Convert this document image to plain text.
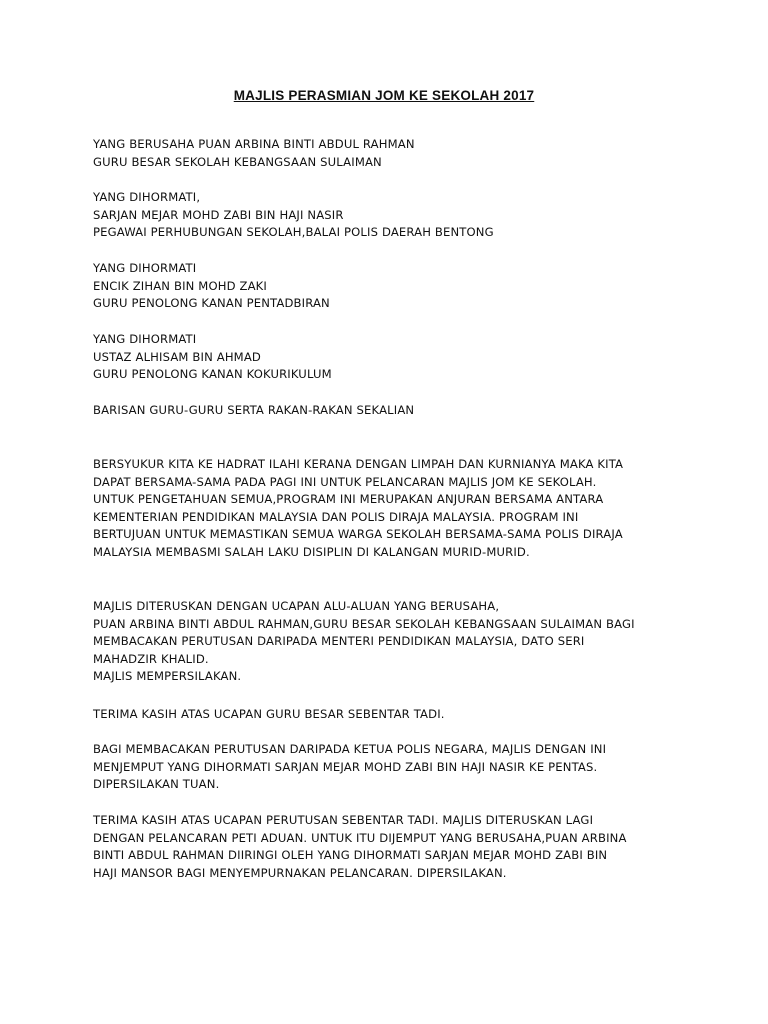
MAJLIS PERASMIAN JOM KE SEKOLAH 2017
YANG BERUSAHA PUAN ARBINA BINTI ABDUL RAHMAN
GURU BESAR SEKOLAH KEBANGSAAN SULAIMAN
YANG DIHORMATI,
SARJAN MEJAR MOHD ZABI BIN HAJI NASIR
PEGAWAI PERHUBUNGAN SEKOLAH,BALAI POLIS DAERAH BENTONG
YANG DIHORMATI
ENCIK ZIHAN BIN MOHD ZAKI
GURU PENOLONG KANAN PENTADBIRAN
YANG DIHORMATI
USTAZ ALHISAM BIN AHMAD
GURU PENOLONG KANAN KOKURIKULUM
BARISAN GURU-GURU SERTA RAKAN-RAKAN SEKALIAN
BERSYUKUR KITA KE HADRAT ILAHI KERANA DENGAN LIMPAH DAN KURNIANYA MAKA KITA
DAPAT BERSAMA-SAMA PADA PAGI INI UNTUK PELANCARAN MAJLIS JOM KE SEKOLAH.
UNTUK PENGETAHUAN SEMUA,PROGRAM INI MERUPAKAN ANJURAN BERSAMA ANTARA
KEMENTERIAN PENDIDIKAN MALAYSIA DAN POLIS DIRAJA MALAYSIA. PROGRAM INI
BERTUJUAN UNTUK MEMASTIKAN SEMUA WARGA SEKOLAH BERSAMA-SAMA POLIS DIRAJA
MALAYSIA MEMBASMI SALAH LAKU DISIPLIN DI KALANGAN MURID-MURID.
MAJLIS DITERUSKAN DENGAN UCAPAN ALU-ALUAN YANG BERUSAHA,
PUAN ARBINA BINTI ABDUL RAHMAN,GURU BESAR SEKOLAH KEBANGSAAN SULAIMAN BAGI
MEMBACAKAN PERUTUSAN DARIPADA MENTERI PENDIDIKAN MALAYSIA, DATO SERI
MAHADZIR KHALID.
MAJLIS MEMPERSILAKAN.
TERIMA KASIH ATAS UCAPAN GURU BESAR SEBENTAR TADI.
BAGI MEMBACAKAN PERUTUSAN DARIPADA KETUA POLIS NEGARA, MAJLIS DENGAN INI
MENJEMPUT YANG DIHORMATI SARJAN MEJAR MOHD ZABI BIN HAJI NASIR KE PENTAS.
DIPERSILAKAN TUAN.
TERIMA KASIH ATAS UCAPAN PERUTUSAN SEBENTAR TADI. MAJLIS DITERUSKAN LAGI
DENGAN PELANCARAN PETI ADUAN. UNTUK ITU DIJEMPUT YANG BERUSAHA,PUAN ARBINA
BINTI ABDUL RAHMAN DIIRINGI OLEH YANG DIHORMATI SARJAN MEJAR MOHD ZABI BIN
HAJI MANSOR BAGI MENYEMPURNAKAN PELANCARAN. DIPERSILAKAN.
